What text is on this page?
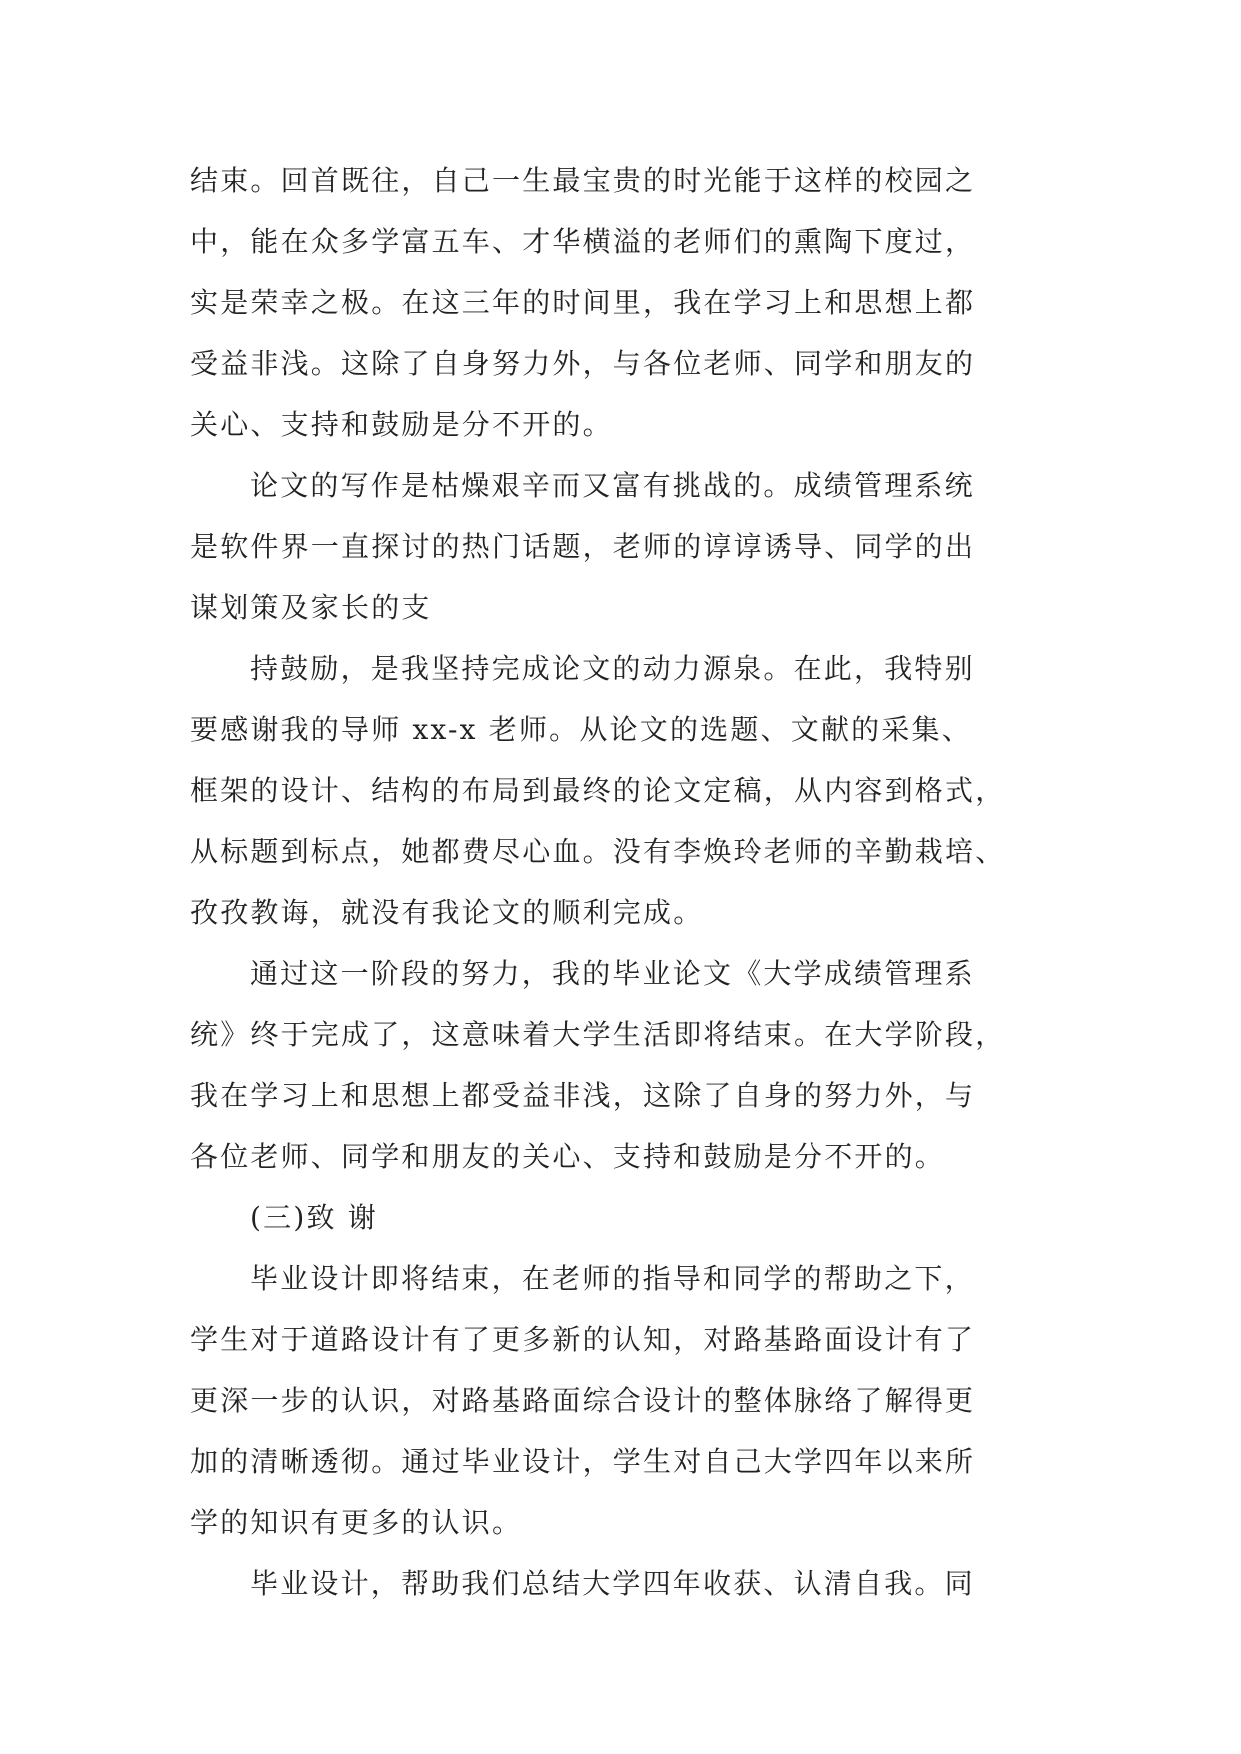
结束。回首既往，自己一生最宝贵的时光能于这样的校园之
中，能在众多学富五车、才华横溢的老师们的熏陶下度过，
实是荣幸之极。在这三年的时间里，我在学习上和思想上都
受益非浅。这除了自身努力外，与各位老师、同学和朋友的
关心、支持和鼓励是分不开的。

论文的写作是枯燥艰辛而又富有挑战的。成绩管理系统
是软件界一直探讨的热门话题，老师的谆谆诱导、同学的出
谋划策及家长的支

持鼓励，是我坚持完成论文的动力源泉。在此，我特别
要感谢我的导师 xx-x 老师。从论文的选题、文献的采集、
框架的设计、结构的布局到最终的论文定稿，从内容到格式，
从标题到标点，她都费尽心血。没有李焕玲老师的辛勤栽培、
孜孜教诲，就没有我论文的顺利完成。

通过这一阶段的努力，我的毕业论文《大学成绩管理系
统》终于完成了，这意味着大学生活即将结束。在大学阶段，
我在学习上和思想上都受益非浅，这除了自身的努力外，与
各位老师、同学和朋友的关心、支持和鼓励是分不开的。

(三)致 谢

毕业设计即将结束，在老师的指导和同学的帮助之下，
学生对于道路设计有了更多新的认知，对路基路面设计有了
更深一步的认识，对路基路面综合设计的整体脉络了解得更
加的清晰透彻。通过毕业设计，学生对自己大学四年以来所
学的知识有更多的认识。

毕业设计，帮助我们总结大学四年收获、认清自我。同
